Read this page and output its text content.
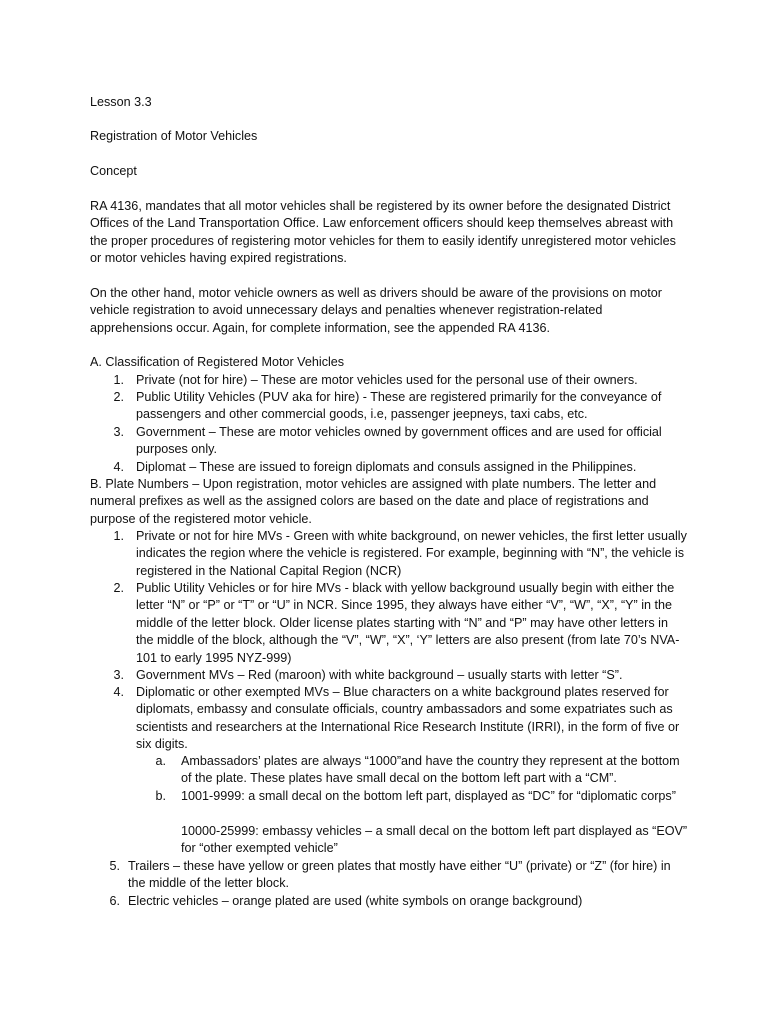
Lesson 3.3

Registration of Motor Vehicles

Concept

RA 4136, mandates that all motor vehicles shall be registered by its owner before the designated District Offices of the Land Transportation Office. Law enforcement officers should keep themselves abreast with the proper procedures of registering motor vehicles for them to easily identify unregistered motor vehicles or motor vehicles having expired registrations.

On the other hand, motor vehicle owners as well as drivers should be aware of the provisions on motor vehicle registration to avoid unnecessary delays and penalties whenever registration-related apprehensions occur. Again, for complete information, see the appended RA 4136.

A. Classification of Registered Motor Vehicles

1. Private (not for hire) – These are motor vehicles used for the personal use of their owners.
2. Public Utility Vehicles (PUV aka for hire) - These are registered primarily for the conveyance of passengers and other commercial goods, i.e, passenger jeepneys, taxi cabs, etc.
3. Government – These are motor vehicles owned by government offices and are used for official purposes only.
4. Diplomat – These are issued to foreign diplomats and consuls assigned in the Philippines.

B. Plate Numbers – Upon registration, motor vehicles are assigned with plate numbers. The letter and numeral prefixes as well as the assigned colors are based on the date and place of registrations and purpose of the registered motor vehicle.

1. Private or not for hire MVs - Green with white background, on newer vehicles, the first letter usually indicates the region where the vehicle is registered. For example, beginning with “N”, the vehicle is registered in the National Capital Region (NCR)
2. Public Utility Vehicles or for hire MVs - black with yellow background usually begin with either the letter “N” or “P” or “T” or “U” in NCR. Since 1995, they always have either “V”, “W”, “X”, “Y” in the middle of the letter block. Older license plates starting with “N” and “P” may have other letters in the middle of the block, although the “V”, “W”, “X”, ‘Y” letters are also present (from late 70’s NVA-101 to early 1995 NYZ-999)
3. Government MVs – Red (maroon) with white background – usually starts with letter “S”.
4. Diplomatic or other exempted MVs – Blue characters on a white background plates reserved for diplomats, embassy and consulate officials, country ambassadors and some expatriates such as scientists and researchers at the International Rice Research Institute (IRRI), in the form of five or six digits.
a. Ambassadors’ plates are always “1000”and have the country they represent at the bottom of the plate. These plates have small decal on the bottom left part with a “CM”.
b. 1001-9999: a small decal on the bottom left part, displayed as “DC” for “diplomatic corps”
10000-25999: embassy vehicles – a small decal on the bottom left part displayed as “EOV” for “other exempted vehicle”
5. Trailers – these have yellow or green plates that mostly have either “U” (private) or “Z” (for hire) in the middle of the letter block.
6. Electric vehicles – orange plated are used (white symbols on orange background)
